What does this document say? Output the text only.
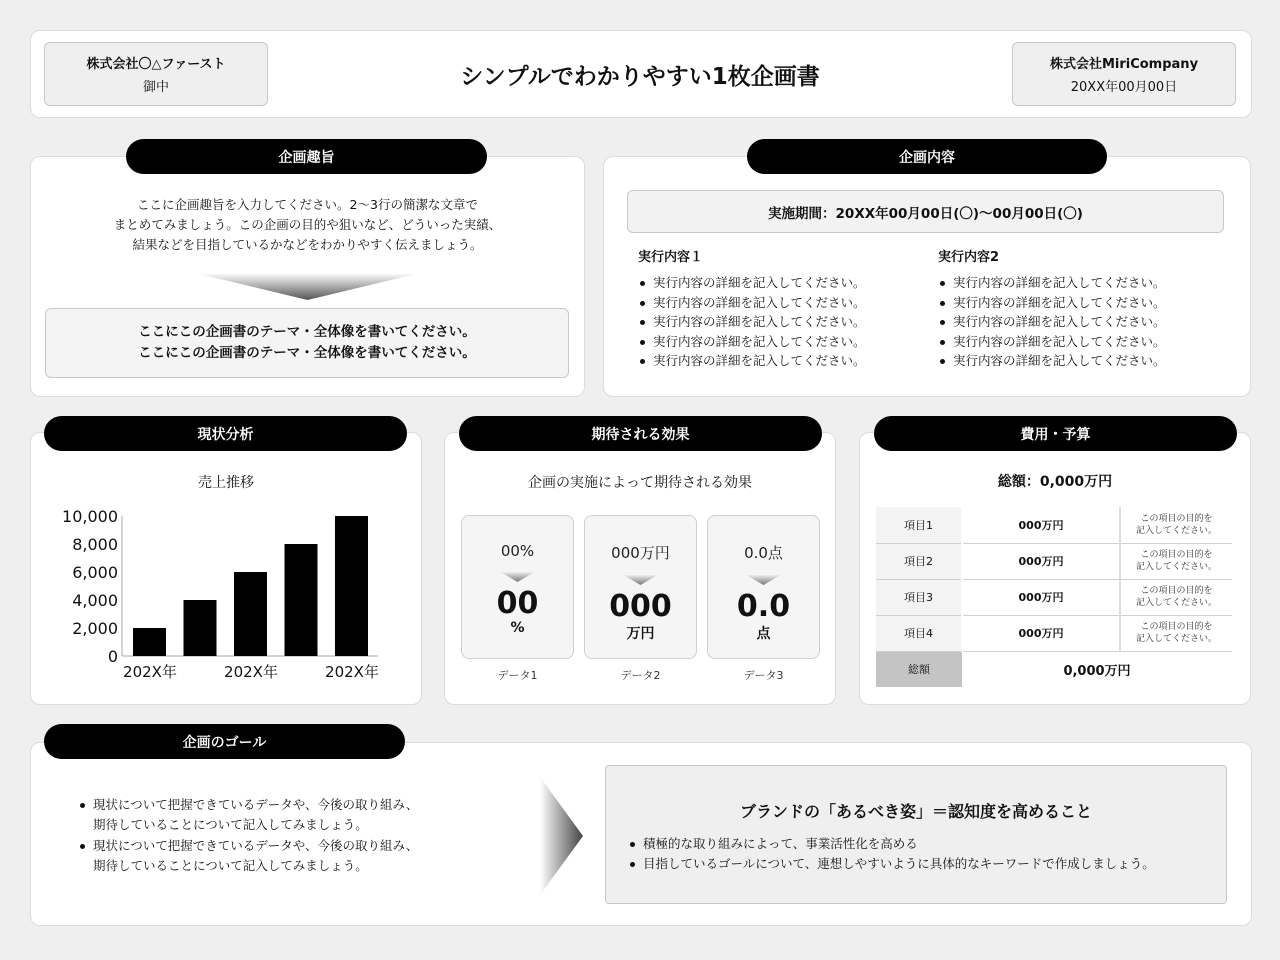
株式会社〇△ファースト
御中	シンプルでわかりやすい1枚企画書	株式会社MiriCompany
20XX年00月00日
企画趣旨
ここに企画趣旨を入力してください。2〜3行の簡潔な文章で
まとめてみましょう。この企画の目的や狙いなど、どういった実績、
結果などを目指しているかなどをわかりやすく伝えましょう。
ここにこの企画書のテーマ・全体像を書いてください。
ここにこの企画書のテーマ・全体像を書いてください。
企画内容
実施期間：20XX年00月00日(〇)〜00月00日(〇)
実行内容１
実行内容の詳細を記入してください。
実行内容の詳細を記入してください。
実行内容の詳細を記入してください。
実行内容の詳細を記入してください。
実行内容の詳細を記入してください。
実行内容2
実行内容の詳細を記入してください。
実行内容の詳細を記入してください。
実行内容の詳細を記入してください。
実行内容の詳細を記入してください。
実行内容の詳細を記入してください。
現状分析
売上推移
0
2,000
4,000
6,000
8,000
10,000
202X年	202X年	202X年
期待される効果
企画の実施によって期待される効果
00%
00
%
000万円
000
万円
0.0点
0.0
点
データ1	データ2	データ3
費用・予算
総額：0,000万円
項目1	000万円	この項目の目的を
記入してください。

項目2	000万円	この項目の目的を
記入してください。

項目3	000万円	この項目の目的を
記入してください。

項目4	000万円	この項目の目的を
記入してください。

総額	0,000万円	
企画のゴール
現状について把握できているデータや、今後の取り組み、
期待していることについて記入してみましょう。
現状について把握できているデータや、今後の取り組み、
期待していることについて記入してみましょう。
ブランドの「あるべき姿」＝認知度を高めること
積極的な取り組みによって、事業活性化を高める
目指しているゴールについて、連想しやすいように具体的なキーワードで作成しましょう。
